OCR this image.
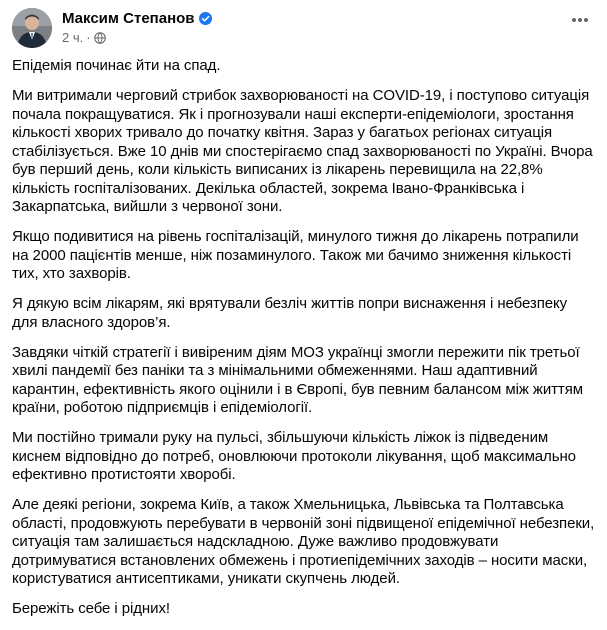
Максим Степанов
2 ч. ·

Епідемія починає йти на спад.

Ми витримали черговий стрибок захворюваності на COVID-19, і поступово ситуація почала покращуватися. Як і прогнозували наші експерти-епідеміологи, зростання кількості хворих тривало до початку квітня. Зараз у багатьох регіонах ситуація стабілізується. Вже 10 днів ми спостерігаємо спад захворюваності по Україні. Вчора був перший день, коли кількість виписаних із лікарень перевищила на 22,8% кількість госпіталізованих. Декілька областей, зокрема Івано-Франківська і Закарпатська, вийшли з червоної зони.

Якщо подивитися на рівень госпіталізацій, минулого тижня до лікарень потрапили на 2000 пацієнтів менше, ніж позаминулого. Також ми бачимо зниження кількості тих, хто захворів.

Я дякую всім лікарям, які врятували безліч життів попри виснаження і небезпеку для власного здоров’я.

Завдяки чіткій стратегії і вивіреним діям МОЗ українці змогли пережити пік третьої хвилі пандемії без паніки та з мінімальними обмеженнями. Наш адаптивний карантин, ефективність якого оцінили і в Європі, був певним балансом між життям країни, роботою підприємців і епідеміології.

Ми постійно тримали руку на пульсі, збільшуючи кількість ліжок із підведеним киснем відповідно до потреб, оновлюючи протоколи лікування, щоб максимально ефективно протистояти хворобі.

Але деякі регіони, зокрема Київ, а також Хмельницька, Львівська та Полтавська області, продовжують перебувати в червоній зоні підвищеної епідемічної небезпеки, ситуація там залишається надскладною. Дуже важливо продовжувати дотримуватися встановлених обмежень і протиепідемічних заходів – носити маски, користуватися антисептиками, уникати скупчень людей.

Бережіть себе і рідних!
